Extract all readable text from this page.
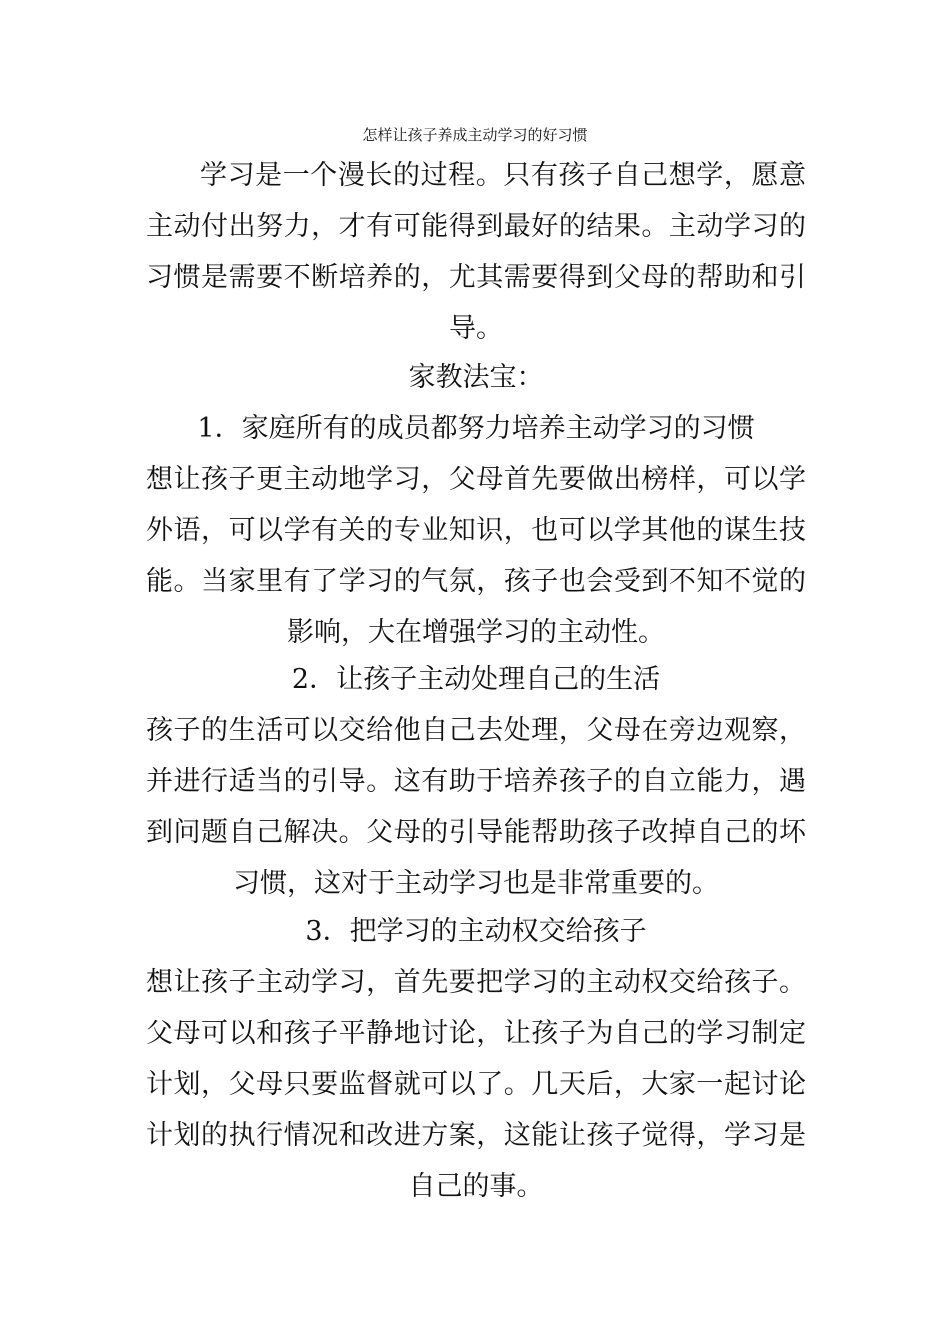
怎样让孩子养成主动学习的好习惯
学习是一个漫长的过程。只有孩子自己想学，愿意主动付出努力，才有可能得到最好的结果。主动学习的习惯是需要不断培养的，尤其需要得到父母的帮助和引导。
家教法宝：
1．家庭所有的成员都努力培养主动学习的习惯
想让孩子更主动地学习，父母首先要做出榜样，可以学外语，可以学有关的专业知识，也可以学其他的谋生技能。当家里有了学习的气氛，孩子也会受到不知不觉的影响，大在增强学习的主动性。
2．让孩子主动处理自己的生活
孩子的生活可以交给他自己去处理，父母在旁边观察，并进行适当的引导。这有助于培养孩子的自立能力，遇到问题自己解决。父母的引导能帮助孩子改掉自己的坏习惯，这对于主动学习也是非常重要的。
3．把学习的主动权交给孩子
想让孩子主动学习，首先要把学习的主动权交给孩子。父母可以和孩子平静地讨论，让孩子为自己的学习制定计划，父母只要监督就可以了。几天后，大家一起讨论计划的执行情况和改进方案，这能让孩子觉得，学习是自己的事。
